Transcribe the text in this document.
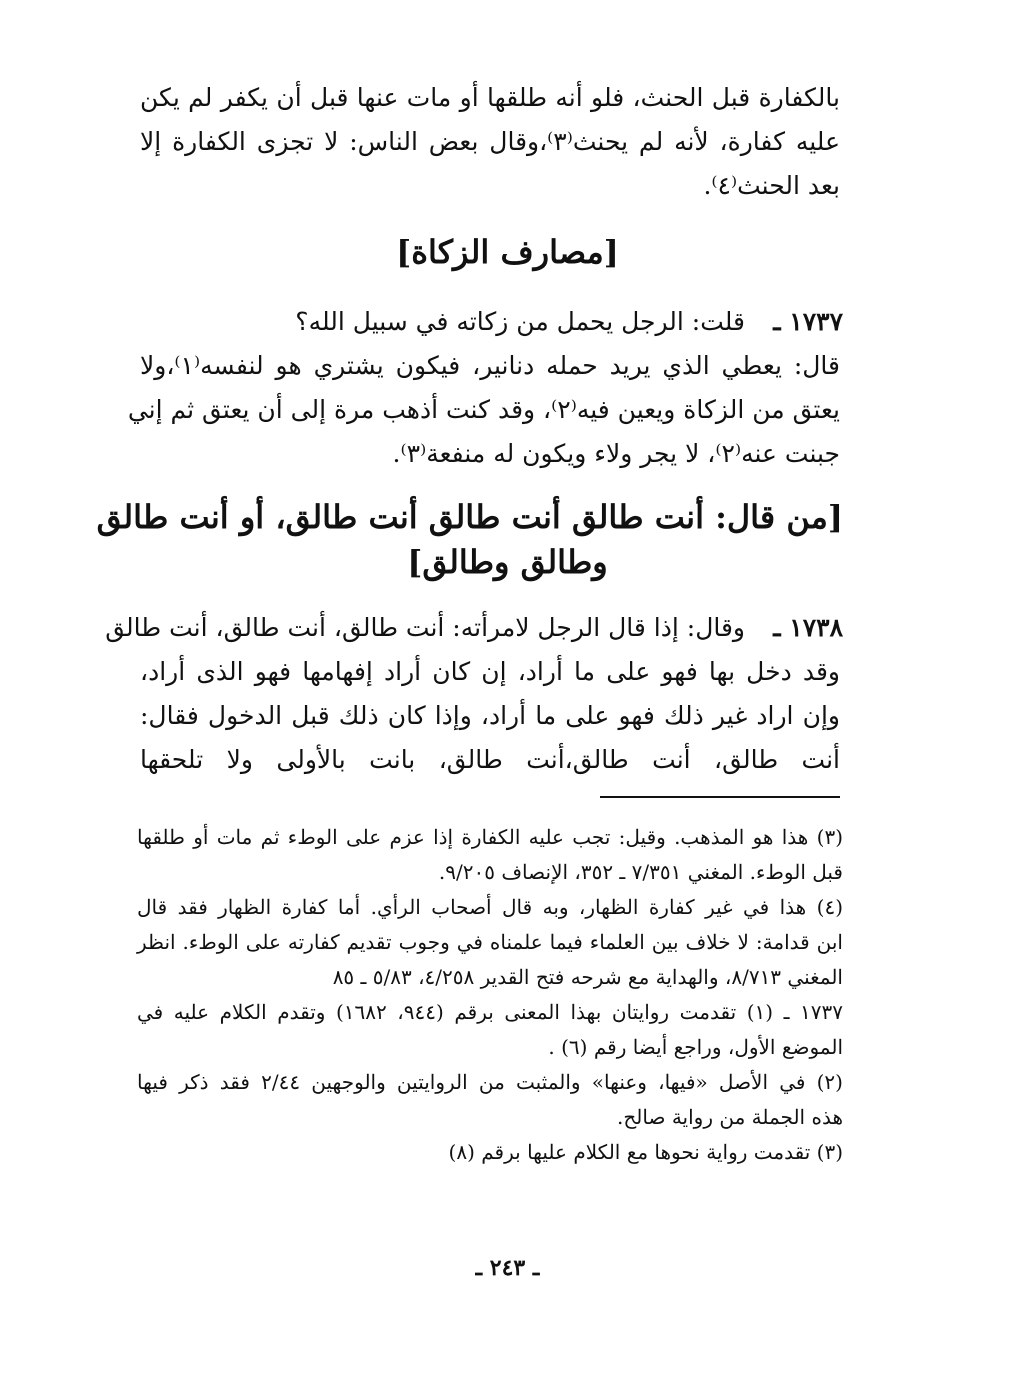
بالكفارة قبل الحنث، فلو أنه طلقها أو مات عنها قبل أن يكفر لم يكن
عليه كفارة، لأنه لم يحنث⁽٣⁾،وقال بعض الناس: لا تجزى الكفارة إلا
بعد الحنث⁽٤⁾.
[مصارف الزكاة]
١٧٣٧ ـ
قلت: الرجل يحمل من زكاته في سبيل الله؟
قال: يعطي الذي يريد حمله دنانير، فيكون يشتري هو لنفسه⁽١⁾،ولا
يعتق من الزكاة ويعين فيه⁽٢⁾، وقد كنت أذهب مرة إلى أن يعتق ثم إني
جبنت عنه⁽٢⁾، لا يجر ولاء ويكون له منفعة⁽٣⁾.
[من قال: أنت طالق أنت طالق أنت طالق، أو أنت طالق
وطالق وطالق]
١٧٣٨ ـ
وقال: إذا قال الرجل لامرأته: أنت طالق، أنت طالق، أنت طالق
وقد دخل بها فهو على ما أراد، إن كان أراد إفهامها فهو الذى أراد،
وإن اراد غير ذلك فهو على ما أراد، وإذا كان ذلك قبل الدخول فقال:
أنت طالق، أنت طالق،أنت طالق، بانت بالأولى ولا تلحقها
(٣) هذا هو المذهب. وقيل: تجب عليه الكفارة إذا عزم على الوطء ثم مات أو طلقها
قبل الوطء. المغني ٧/٣٥١ ـ ٣٥٢، الإنصاف ٩/٢٠٥.
(٤) هذا في غير كفارة الظهار، وبه قال أصحاب الرأي. أما كفارة الظهار فقد قال
ابن قدامة: لا خلاف بين العلماء فيما علمناه في وجوب تقديم كفارته على الوطء. انظر
المغني ٨/٧١٣، والهداية مع شرحه فتح القدير ٤/٢٥٨، ٥/٨٣ ـ ٨٥
١٧٣٧ ـ (١) تقدمت روايتان بهذا المعنى برقم (٩٤٤، ١٦٨٢) وتقدم الكلام عليه في
الموضع الأول، وراجع أيضا رقم (٦) .
(٢) في الأصل «فيها، وعنها» والمثبت من الروايتين والوجهين ٢/٤٤ فقد ذكر فيها
هذه الجملة من رواية صالح.
(٣) تقدمت رواية نحوها مع الكلام عليها برقم (٨)
ـ ٢٤٣ ـ
